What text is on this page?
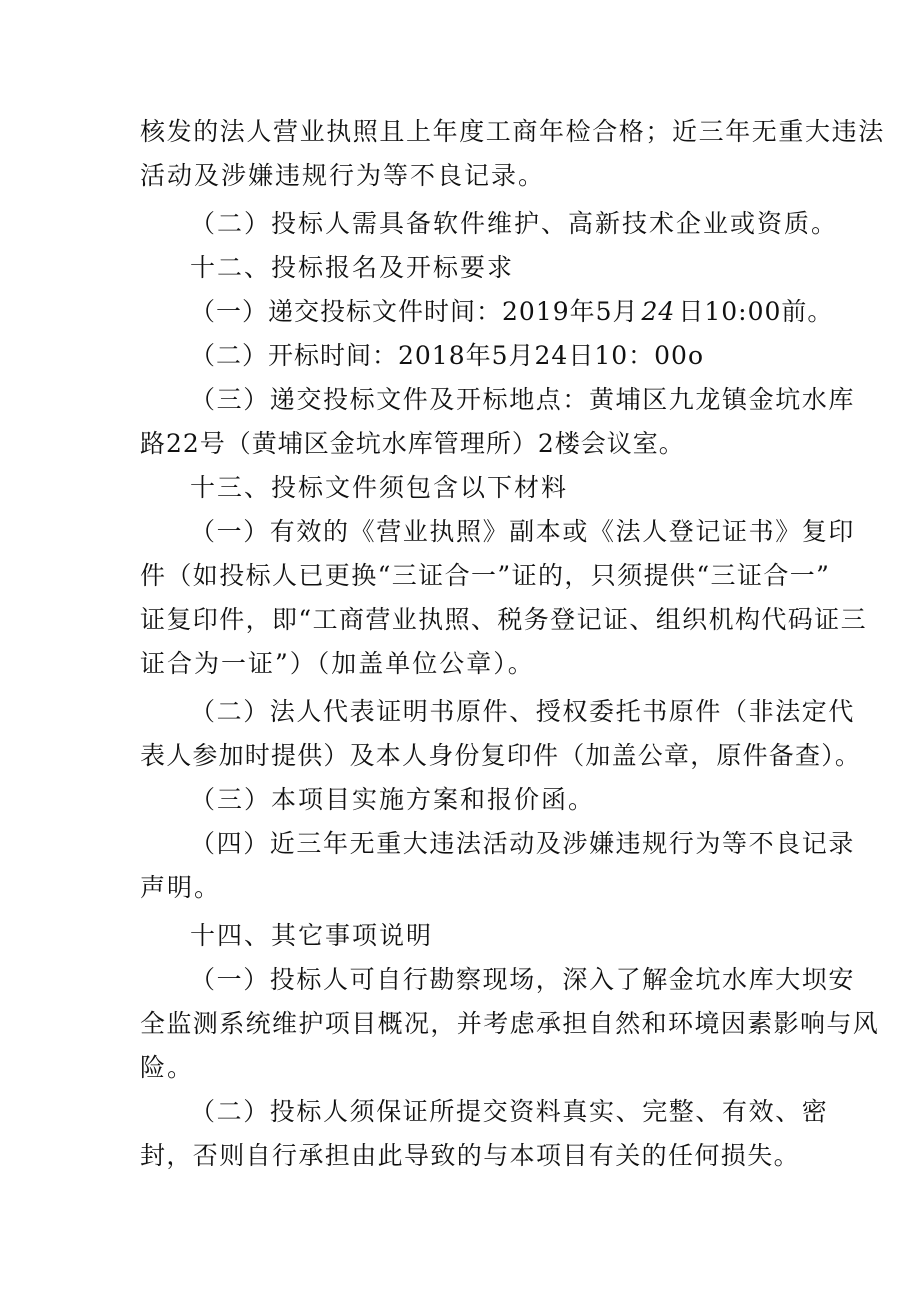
核发的法人营业执照且上年度工商年检合格；近三年无重大违法
活动及涉嫌违规行为等不良记录。
（二）投标人需具备软件维护、高新技术企业或资质。
十二、投标报名及开标要求
（一）递交投标文件时间：2019年5月 24 日10:00前。
（二）开标时间：2018年5月24日10：00o
（三）递交投标文件及开标地点：黄埔区九龙镇金坑水库
路22号（黄埔区金坑水库管理所）2楼会议室。
十三、投标文件须包含以下材料
（一）有效的《营业执照》副本或《法人登记证书》复印
件（如投标人已更换“三证合一”证的，只须提供“三证合一”
证复印件，即“工商营业执照、税务登记证、组织机构代码证三
证合为一证”）（加盖单位公章）。
（二）法人代表证明书原件、授权委托书原件（非法定代
表人参加时提供）及本人身份复印件（加盖公章，原件备查）。
（三）本项目实施方案和报价函。
（四）近三年无重大违法活动及涉嫌违规行为等不良记录
声明。
十四、其它事项说明
（一）投标人可自行勘察现场，深入了解金坑水库大坝安
全监测系统维护项目概况，并考虑承担自然和环境因素影响与风
险。
（二）投标人须保证所提交资料真实、完整、有效、密
封，否则自行承担由此导致的与本项目有关的任何损失。
